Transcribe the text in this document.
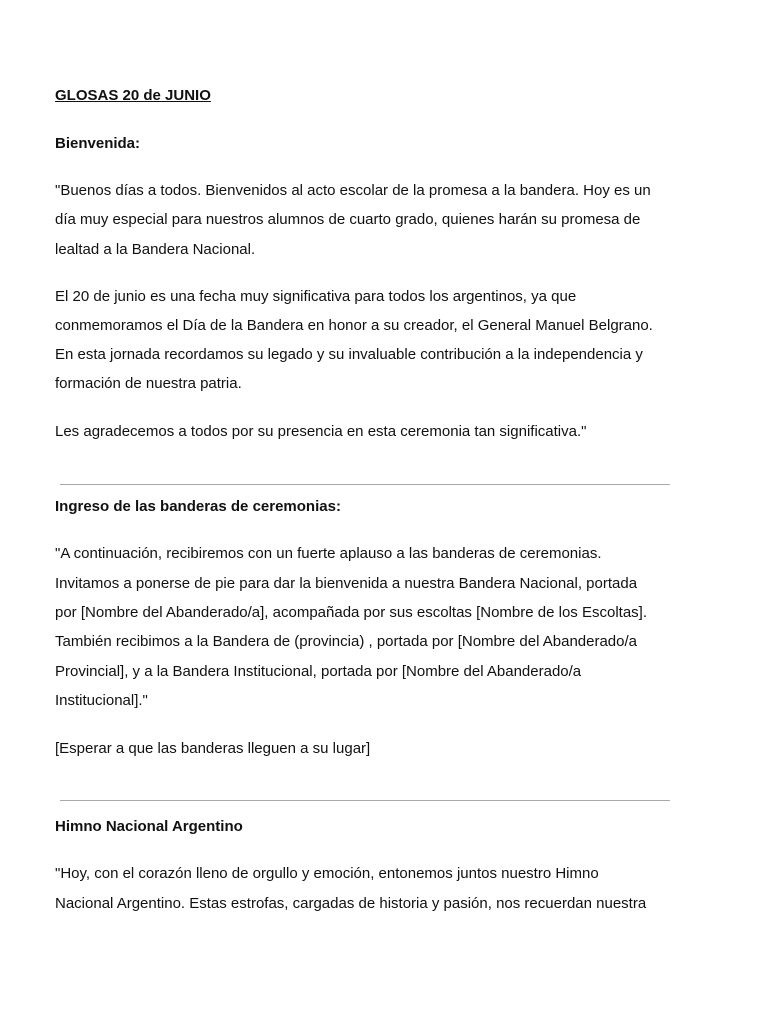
GLOSAS 20 de JUNIO

Bienvenida:

"Buenos días a todos. Bienvenidos al acto escolar de la promesa a la bandera. Hoy es un

día muy especial para nuestros alumnos de cuarto grado, quienes harán su promesa de

lealtad a la Bandera Nacional.

El 20 de junio es una fecha muy significativa para todos los argentinos, ya que

conmemoramos el Día de la Bandera en honor a su creador, el General Manuel Belgrano.

En esta jornada recordamos su legado y su invaluable contribución a la independencia y

formación de nuestra patria.

Les agradecemos a todos por su presencia en esta ceremonia tan significativa."

Ingreso de las banderas de ceremonias:

"A continuación, recibiremos con un fuerte aplauso a las banderas de ceremonias.

Invitamos a ponerse de pie para dar la bienvenida a nuestra Bandera Nacional, portada

por [Nombre del Abanderado/a], acompañada por sus escoltas [Nombre de los Escoltas].

También recibimos a la Bandera de (provincia) , portada por [Nombre del Abanderado/a

Provincial], y a la Bandera Institucional, portada por [Nombre del Abanderado/a

Institucional]."

[Esperar a que las banderas lleguen a su lugar]

Himno Nacional Argentino

"Hoy, con el corazón lleno de orgullo y emoción, entonemos juntos nuestro Himno

Nacional Argentino. Estas estrofas, cargadas de historia y pasión, nos recuerdan nuestra
